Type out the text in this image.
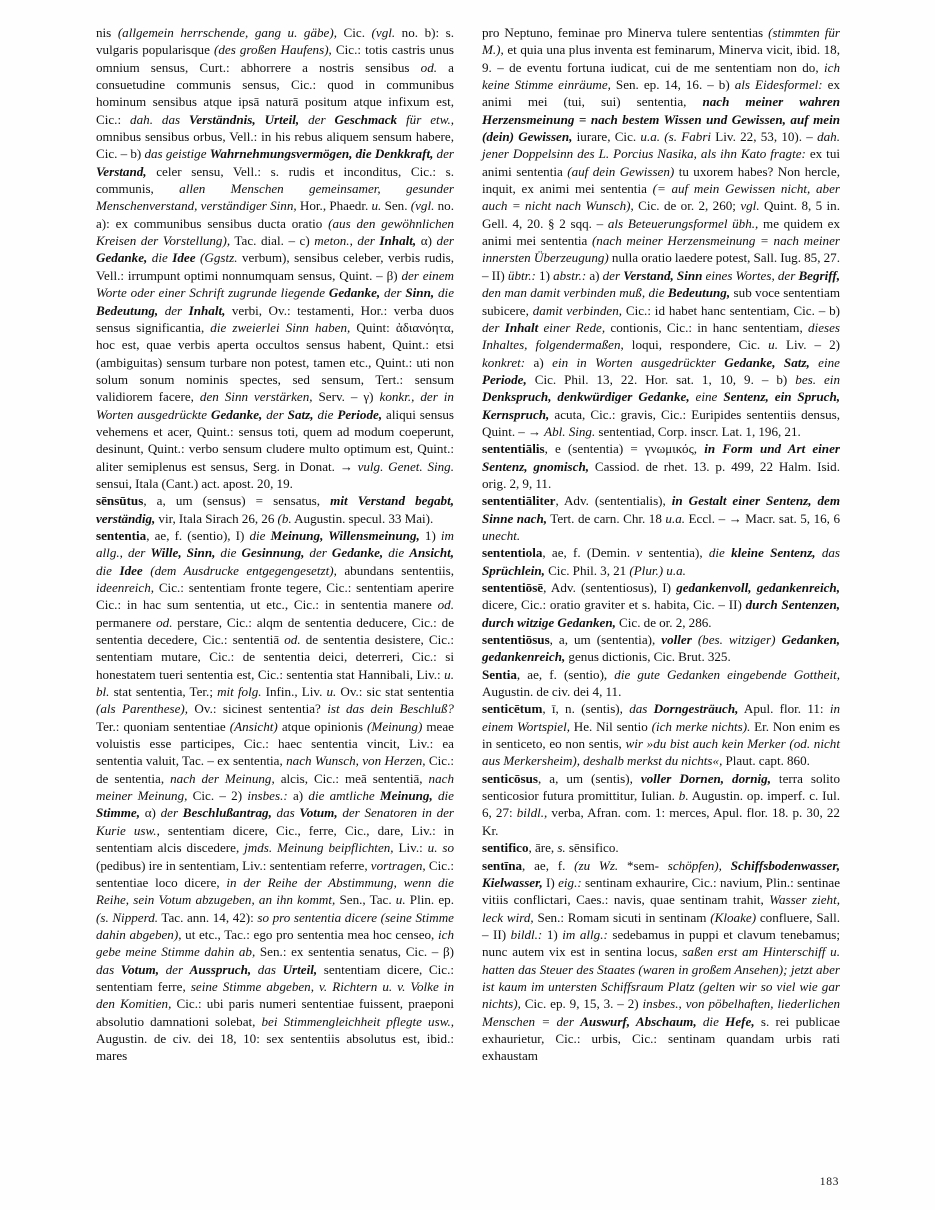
nis (allgemein herrschende, gang u. gäbe), Cic. (vgl. no. b): s. vulgaris popularisque (des großen Haufens), Cic.: totis castris unus omnium sensus, Curt.: abhorrere a nostris sensibus od. a consuetudine communis sensus, Cic.: quod in communibus hominum sensibus atque ipsā naturā positum atque infixum est, Cic.: dah. das Verständnis, Urteil, der Geschmack für etw., omnibus sensibus orbus, Vell.: in his rebus aliquem sensum habere, Cic. – b) das geistige Wahrnehmungsvermögen, die Denkkraft, der Verstand, celer sensu, Vell.: s. rudis et inconditus, Cic.: s. communis, allen Menschen gemeinsamer, gesunder Menschenverstand, verständiger Sinn, Hor., Phaedr. u. Sen. (vgl. no. a): ex communibus sensibus ducta oratio (aus den gewöhnlichen Kreisen der Vorstellung), Tac. dial. – c) meton., der Inhalt, α) der Gedanke, die Idee (Ggstz. verbum), sensibus celeber, verbis rudis, Vell.: irrumpunt optimi nonnumquam sensus, Quint. – β) der einem Worte oder einer Schrift zugrunde liegende Gedanke, der Sinn, die Bedeutung, der Inhalt, verbi, Ov.: testamenti, Hor.: verba duos sensus significantia, die zweierlei Sinn haben, Quint: ἀδιανόητα, hoc est, quae verbis aperta occultos sensus habent, Quint.: etsi (ambiguitas) sensum turbare non potest, tamen etc., Quint.: uti non solum sonum nominis spectes, sed sensum, Tert.: sensum validiorem facere, den Sinn verstärken, Serv. – γ) konkr., der in Worten ausgedrückte Gedanke, der Satz, die Periode, aliqui sensus vehemens et acer, Quint.: sensus toti, quem ad modum coeperunt, desinunt, Quint.: verbo sensum cludere multo optimum est, Quint.: aliter semiplenus est sensus, Serg. in Donat. → vulg. Genet. Sing. sensui, Itala (Cant.) act. apost. 20, 19.

sēnsūtus, a, um (sensus) = sensatus, mit Verstand begabt, verständig, vir, Itala Sirach 26, 26 (b. Augustin. specul. 33 Mai).

sententia, ae, f. (sentio), I) die Meinung, Willensmeinung, 1) im allg., der Wille, Sinn, die Gesinnung, der Gedanke, die Ansicht, die Idee (dem Ausdrucke entgegengesetzt), abundans sententiis, ideenreich, Cic.: sententiam fronte tegere, Cic.: sententiam aperire Cic.: in hac sum sententia, ut etc., Cic.: in sententia manere od. permanere od. perstare, Cic.: alqm de sententia deducere, Cic.: de sententia decedere, Cic.: sententiā od. de sententia desistere, Cic.: sententiam mutare, Cic.: de sententia deici, deterreri, Cic.: si honestatem tueri sententia est, Cic.: sententia stat Hannibali, Liv.: u. bl. stat sententia, Ter.; mit folg. Infin., Liv. u. Ov.: sic stat sententia (als Parenthese), Ov.: sicinest sententia? ist das dein Beschluß? Ter.: quoniam sententiae (Ansicht) atque opinionis (Meinung) meae voluistis esse participes, Cic.: haec sententia vincit, Liv.: ea sententia valuit, Tac. – ex sententia, nach Wunsch, von Herzen, Cic.: de sententia, nach der Meinung, alcis, Cic.: meā sententiā, nach meiner Meinung, Cic. – 2) insbes.: a) die amtliche Meinung, die Stimme, α) der Beschlußantrag, das Votum, der Senatoren in der Kurie usw., sententiam dicere, Cic., ferre, Cic., dare, Liv.: in sententiam alcis discedere, jmds. Meinung beipflichten, Liv.: u. so (pedibus) ire in sententiam, Liv.: sententiam referre, vortragen, Cic.: sententiae loco dicere, in der Reihe der Abstimmung, wenn die Reihe, sein Votum abzugeben, an ihn kommt, Sen., Tac. u. Plin. ep. (s. Nipperd. Tac. ann. 14, 42): so pro sententia dicere (seine Stimme dahin abgeben), ut etc., Tac.: ego pro sententia mea hoc censeo, ich gebe meine Stimme dahin ab, Sen.: ex sententia senatus, Cic. – β) das Votum, der Ausspruch, das Urteil, sententiam dicere, Cic.: sententiam ferre, seine Stimme abgeben, v. Richtern u. v. Volke in den Komitien, Cic.: ubi paris numeri sententiae fuissent, praeponi absolutio damnationi solebat, bei Stimmengleichheit pflegte usw., Augustin. de civ. dei 18, 10: sex sententiis absolutus est, ibid.: mares

pro Neptuno, feminae pro Minerva tulere sententias (stimmten für M.), et quia una plus inventa est feminarum, Minerva vicit, ibid. 18, 9. – de eventu fortuna iudicat, cui de me sententiam non do, ich keine Stimme einräume, Sen. ep. 14, 16. – b) als Eidesformel: ex animi mei (tui, sui) sententia, nach meiner wahren Herzensmeinung = nach bestem Wissen und Gewissen, auf mein (dein) Gewissen, iurare, Cic. u.a. (s. Fabri Liv. 22, 53, 10). – dah. jener Doppelsinn des L. Porcius Nasika, als ihn Kato fragte: ex tui animi sententia (auf dein Gewissen) tu uxorem habes? Non hercle, inquit, ex animi mei sententia (= auf mein Gewissen nicht, aber auch = nicht nach Wunsch), Cic. de or. 2, 260; vgl. Quint. 8, 5 in. Gell. 4, 20. § 2 sqq. – als Beteuerungsformel übh., me quidem ex animi mei sententia (nach meiner Herzensmeinung = nach meiner innersten Überzeugung) nulla oratio laedere potest, Sall. Iug. 85, 27. – II) übtr.: 1) abstr.: a) der Verstand, Sinn eines Wortes, der Begriff, den man damit verbinden muß, die Bedeutung, sub voce sententiam subicere, damit verbinden, Cic.: id habet hanc sententiam, Cic. – b) der Inhalt einer Rede, contionis, Cic.: in hanc sententiam, dieses Inhaltes, folgendermaßen, loqui, respondere, Cic. u. Liv. – 2) konkret: a) ein in Worten ausgedrückter Gedanke, Satz, eine Periode, Cic. Phil. 13, 22. Hor. sat. 1, 10, 9. – b) bes. ein Denkspruch, denkwürdiger Gedanke, eine Sentenz, ein Spruch, Kernspruch, acuta, Cic.: gravis, Cic.: Euripides sententiis densus, Quint. – → Abl. Sing. sententiad, Corp. inscr. Lat. 1, 196, 21.

sententiālis, e (sententia) = γνωμικός, in Form und Art einer Sentenz, gnomisch, Cassiod. de rhet. 13. p. 499, 22 Halm. Isid. orig. 2, 9, 11.

sententiāliter, Adv. (sententialis), in Gestalt einer Sentenz, dem Sinne nach, Tert. de carn. Chr. 18 u.a. Eccl. – → Macr. sat. 5, 16, 6 unecht.

sententiola, ae, f. (Demin. v sententia), die kleine Sentenz, das Sprüchlein, Cic. Phil. 3, 21 (Plur.) u.a.

sententiōsē, Adv. (sententiosus), I) gedankenvoll, gedankenreich, dicere, Cic.: oratio graviter et s. habita, Cic. – II) durch Sentenzen, durch witzige Gedanken, Cic. de or. 2, 286.

sententiōsus, a, um (sententia), voller (bes. witziger) Gedanken, gedankenreich, genus dictionis, Cic. Brut. 325.

Sentia, ae, f. (sentio), die gute Gedanken eingebende Gottheit, Augustin. de civ. dei 4, 11.

senticētum, ī, n. (sentis), das Dorngesträuch, Apul. flor. 11: in einem Wortspiel, He. Nil sentio (ich merke nichts). Er. Non enim es in senticeto, eo non sentis, wir »du bist auch kein Merker (od. nicht aus Merkersheim), deshalb merkst du nichts«, Plaut. capt. 860.

senticōsus, a, um (sentis), voller Dornen, dornig, terra solito senticosior futura promittitur, Iulian. b. Augustin. op. imperf. c. Iul. 6, 27: bildl., verba, Afran. com. 1: merces, Apul. flor. 18. p. 30, 22 Kr.

sentifico, āre, s. sēnsifico.

sentīna, ae, f. (zu Wz. *sem- schöpfen), Schiffsbodenwasser, Kielwasser, I) eig.: sentinam exhaurire, Cic.: navium, Plin.: sentinae vitiis conflictari, Caes.: navis, quae sentinam trahit, Wasser zieht, leck wird, Sen.: Romam sicuti in sentinam (Kloake) confluere, Sall. – II) bildl.: 1) im allg.: sedebamus in puppi et clavum tenebamus; nunc autem vix est in sentina locus, saßen erst am Hinterschiff u. hatten das Steuer des Staates (waren in großem Ansehen); jetzt aber ist kaum im untersten Schiffsraum Platz (gelten wir so viel wie gar nichts), Cic. ep. 9, 15, 3. – 2) insbes., von pöbelhaften, liederlichen Menschen = der Auswurf, Abschaum, die Hefe, s. rei publicae exhaurietur, Cic.: urbis, Cic.: sentinam quandam urbis rati exhaustam

183
